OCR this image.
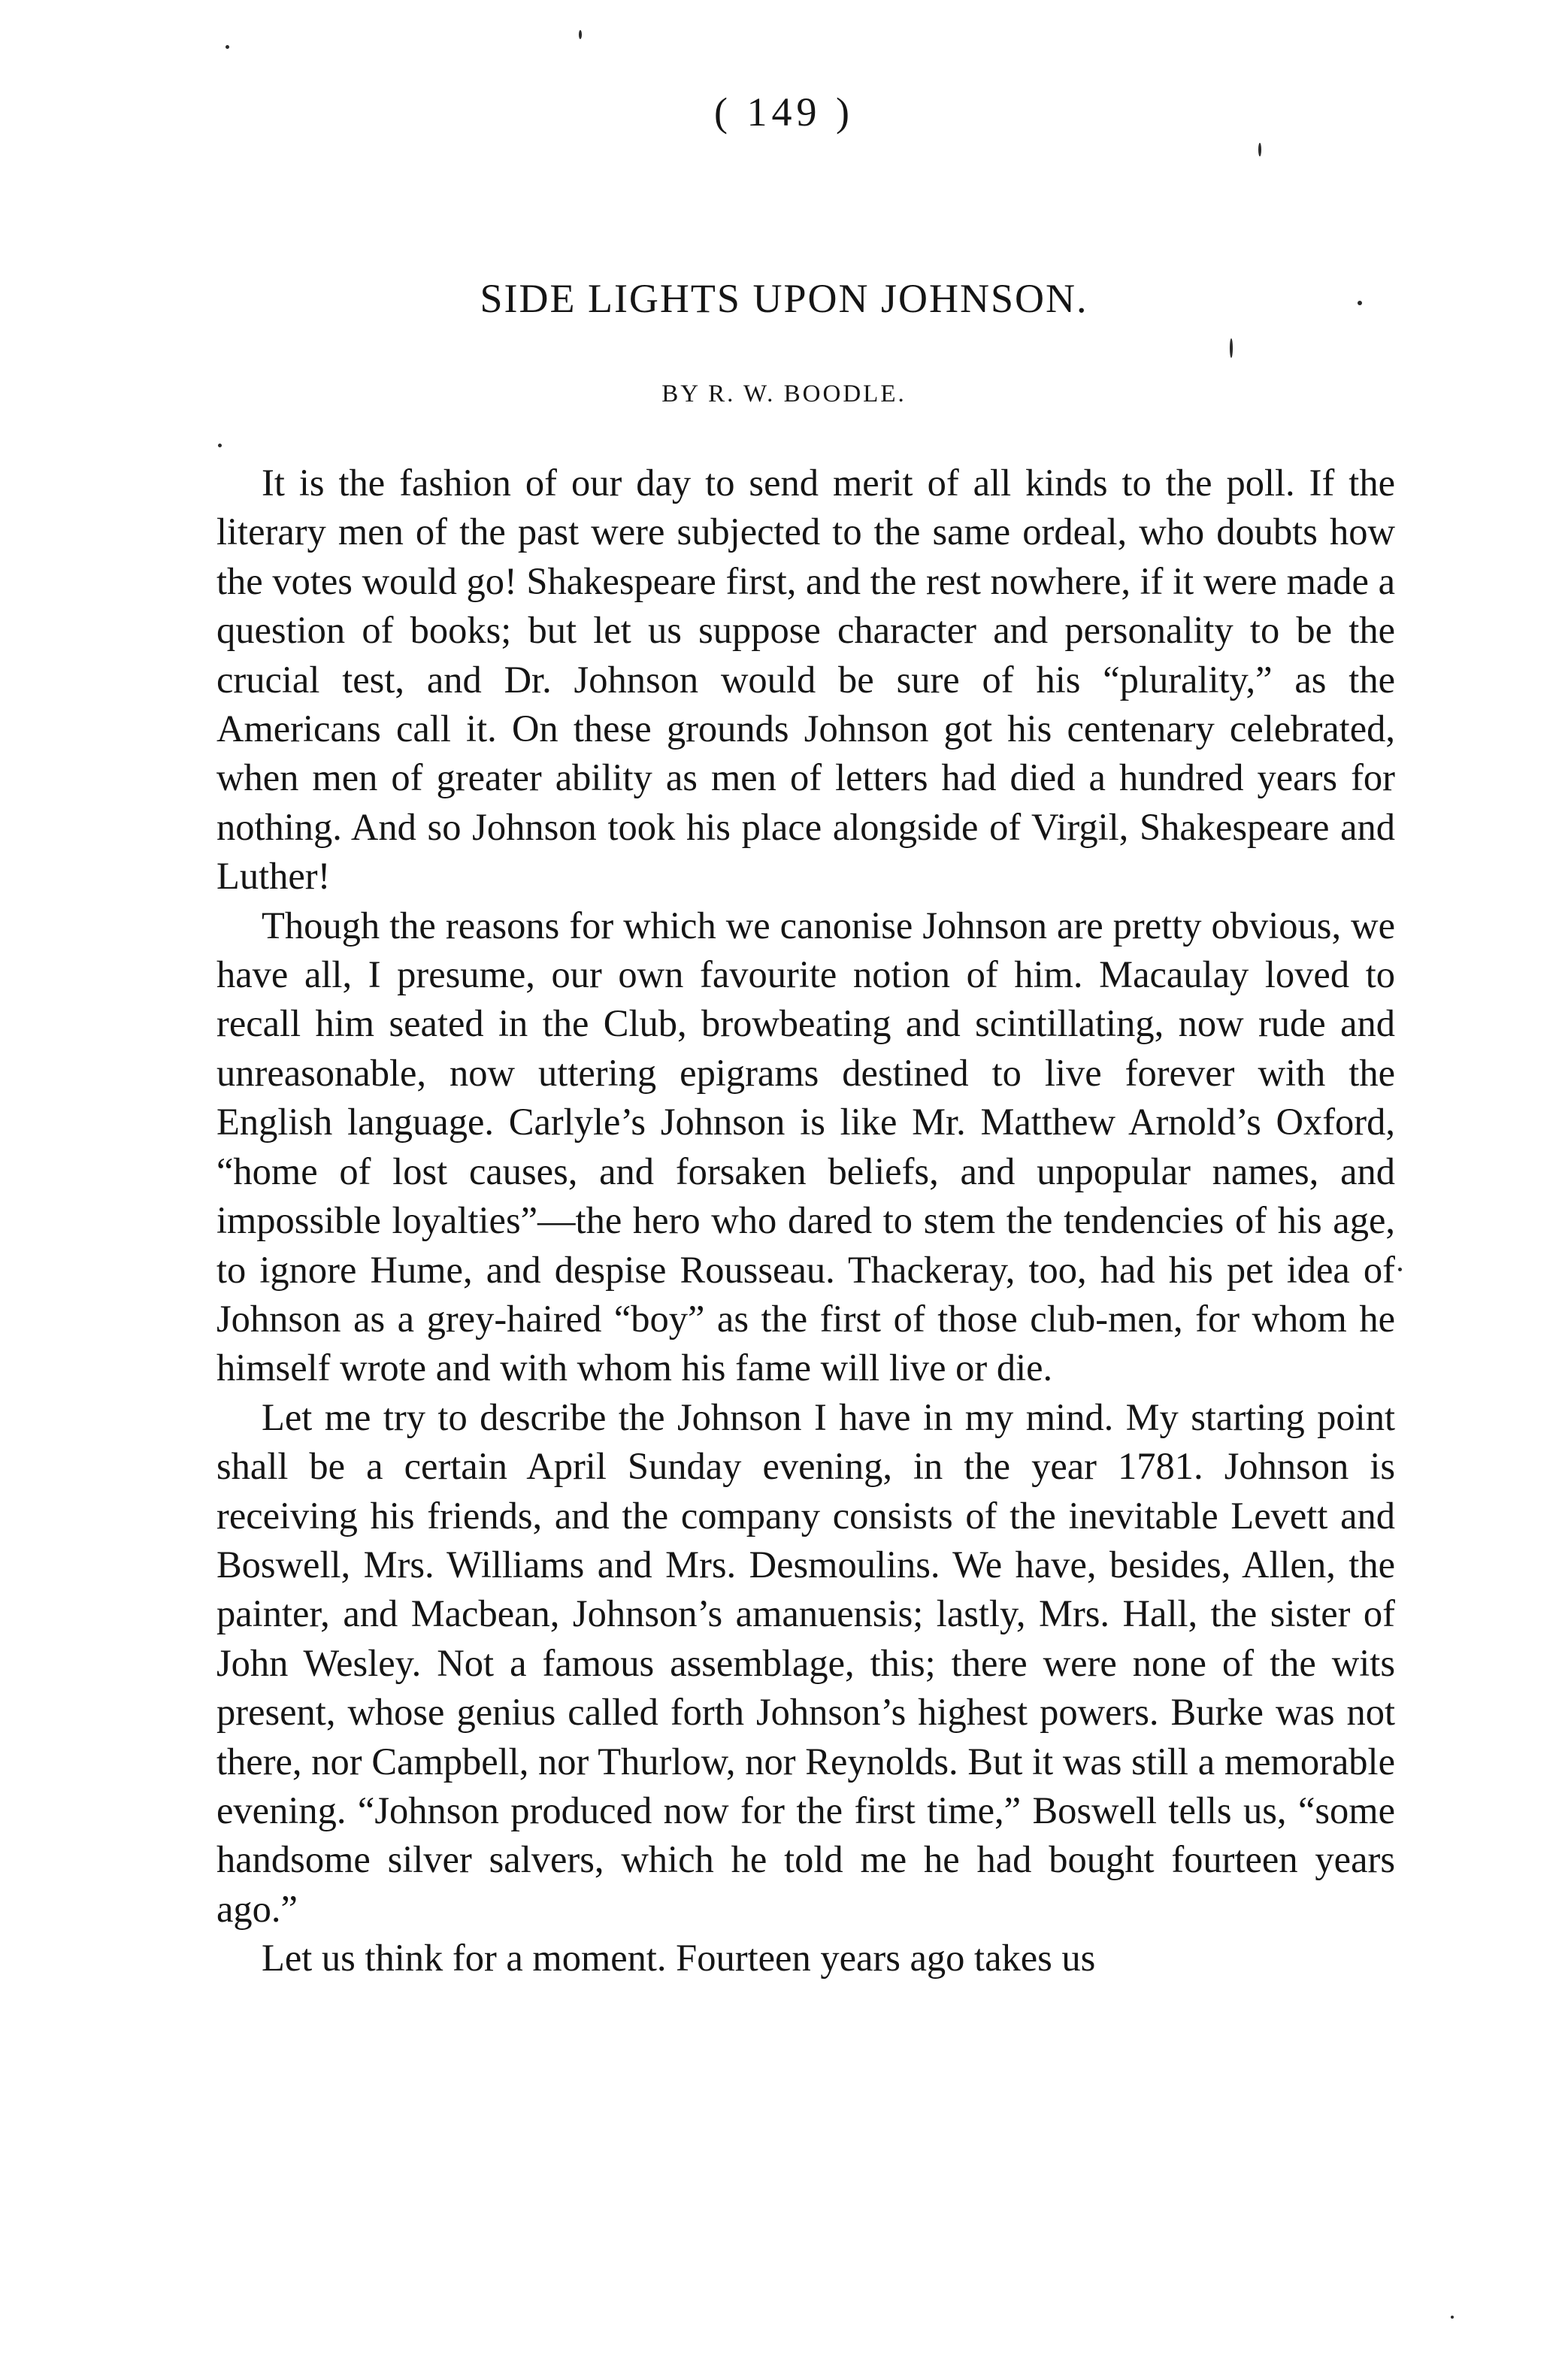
( 149 )
SIDE LIGHTS UPON JOHNSON.
BY R. W. BOODLE.

It is the fashion of our day to send merit of all kinds to the poll. If the literary men of the past were subjected to the same ordeal, who doubts how the votes would go! Shakespeare first, and the rest nowhere, if it were made a question of books; but let us suppose character and personality to be the crucial test, and Dr. Johnson would be sure of his “plurality,” as the Americans call it. On these grounds Johnson got his centenary celebrated, when men of greater ability as men of letters had died a hundred years for nothing. And so Johnson took his place alongside of Virgil, Shakespeare and Luther!

Though the reasons for which we canonise Johnson are pretty obvious, we have all, I presume, our own favourite notion of him. Macaulay loved to recall him seated in the Club, browbeating and scintillating, now rude and unreasonable, now uttering epigrams destined to live forever with the English language. Carlyle’s Johnson is like Mr. Matthew Arnold’s Oxford, “home of lost causes, and forsaken beliefs, and unpopular names, and impossible loyalties”—the hero who dared to stem the tendencies of his age, to ignore Hume, and despise Rousseau. Thackeray, too, had his pet idea of Johnson as a grey-haired “boy” as the first of those club-men, for whom he himself wrote and with whom his fame will live or die.

Let me try to describe the Johnson I have in my mind. My starting point shall be a certain April Sunday evening, in the year 1781. Johnson is receiving his friends, and the company consists of the inevitable Levett and Boswell, Mrs. Williams and Mrs. Desmoulins. We have, besides, Allen, the painter, and Macbean, Johnson’s amanuensis; lastly, Mrs. Hall, the sister of John Wesley. Not a famous assemblage, this; there were none of the wits present, whose genius called forth Johnson’s highest powers. Burke was not there, nor Campbell, nor Thurlow, nor Reynolds. But it was still a memorable evening. “Johnson produced now for the first time,” Boswell tells us, “some handsome silver salvers, which he told me he had bought fourteen years ago.”

Let us think for a moment. Fourteen years ago takes us
